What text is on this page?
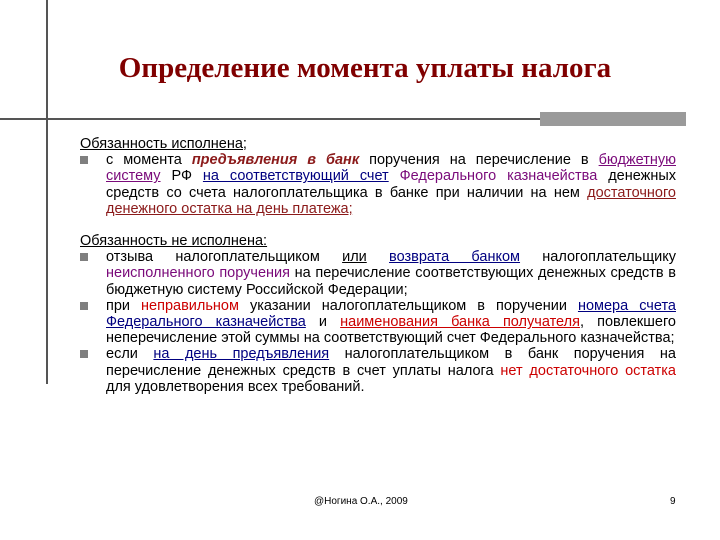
Определение момента уплаты налога

Обязанность исполнена;

с момента предъявления в банк поручения на перечисление в бюджетную систему РФ на соответствующий счет Федерального казначейства денежных средств со счета налогоплательщика в банке при наличии на нем достаточного денежного остатка на день платежа;

Обязанность не исполнена:

отзыва налогоплательщиком или возврата банком налогоплательщику неисполненного поручения на перечисление соответствующих денежных средств в бюджетную систему Российской Федерации;
при неправильном указании налогоплательщиком в поручении номера счета Федерального казначейства и наименования банка получателя, повлекшего неперечисление этой суммы на соответствующий счет Федерального казначейства;
если на день предъявления налогоплательщиком в банк поручения на перечисление денежных средств в счет уплаты налога нет достаточного остатка для удовлетворения всех требований.
@Ногина О.А., 2009	9
